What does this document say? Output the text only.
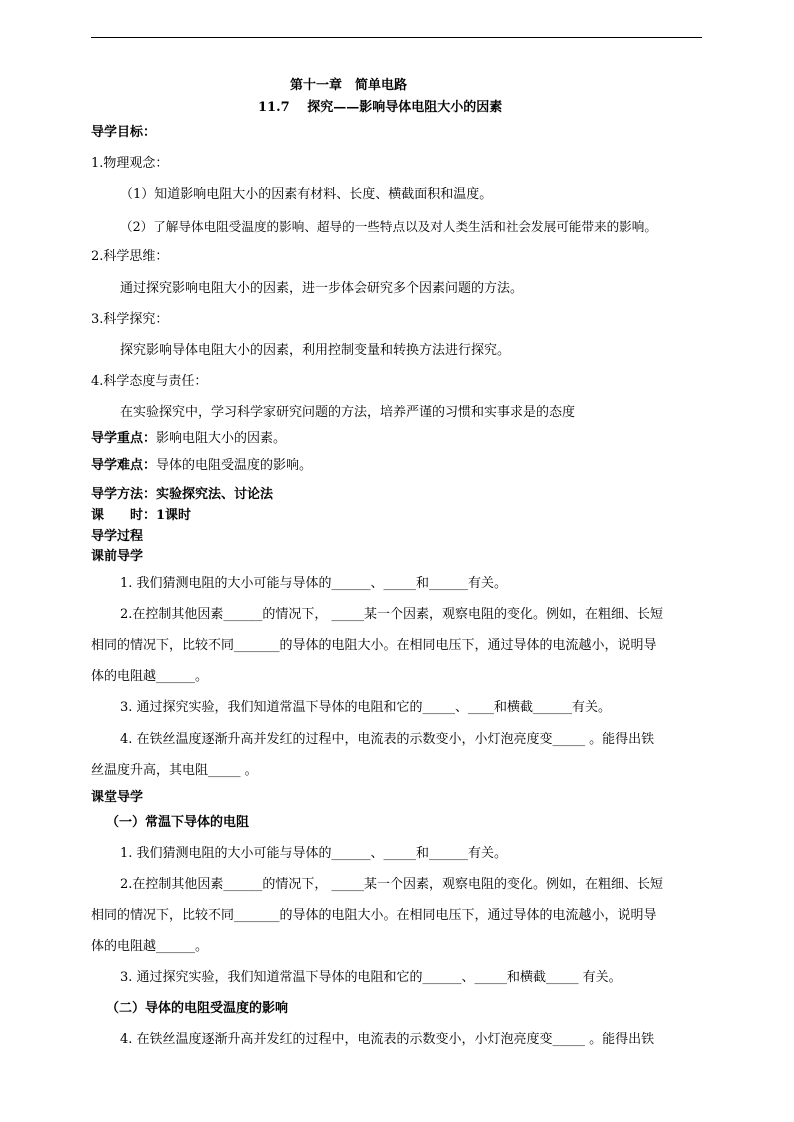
第十一章　简单电路
11.7　 探究——影响导体电阻大小的因素
导学目标：
1.物理观念：
（1）知道影响电阻大小的因素有材料、长度、横截面积和温度。
（2）了解导体电阻受温度的影响、超导的一些特点以及对人类生活和社会发展可能带来的影响。
2.科学思维：
通过探究影响电阻大小的因素，进一步体会研究多个因素问题的方法。
3.科学探究：
探究影响导体电阻大小的因素，利用控制变量和转换方法进行探究。
4.科学态度与责任：
在实验探究中，学习科学家研究问题的方法，培养严谨的习惯和实事求是的态度
导学重点：影响电阻大小的因素。
导学难点：导体的电阻受温度的影响。
导学方法：实验探究法、讨论法
课　　时：1课时
导学过程
课前导学
1. 我们猜测电阻的大小可能与导体的______、_____和______有关。
2.在控制其他因素______的情况下， _____某一个因素，观察电阻的变化。例如，在粗细、长短
相同的情况下，比较不同_______的导体的电阻大小。在相同电压下，通过导体的电流越小，说明导
体的电阻越______。
3. 通过探究实验，我们知道常温下导体的电阻和它的_____、____和横截______有关。
4. 在铁丝温度逐渐升高并发红的过程中，电流表的示数变小，小灯泡亮度变_____ 。能得出铁
丝温度升高，其电阻_____ 。
课堂导学
（一）常温下导体的电阻
1. 我们猜测电阻的大小可能与导体的______、_____和______有关。
2.在控制其他因素______的情况下， _____某一个因素，观察电阻的变化。例如，在粗细、长短
相同的情况下，比较不同_______的导体的电阻大小。在相同电压下，通过导体的电流越小，说明导
体的电阻越______。
3. 通过探究实验，我们知道常温下导体的电阻和它的______、_____和横截_____ 有关。
（二）导体的电阻受温度的影响
4. 在铁丝温度逐渐升高并发红的过程中，电流表的示数变小，小灯泡亮度变_____ 。能得出铁
